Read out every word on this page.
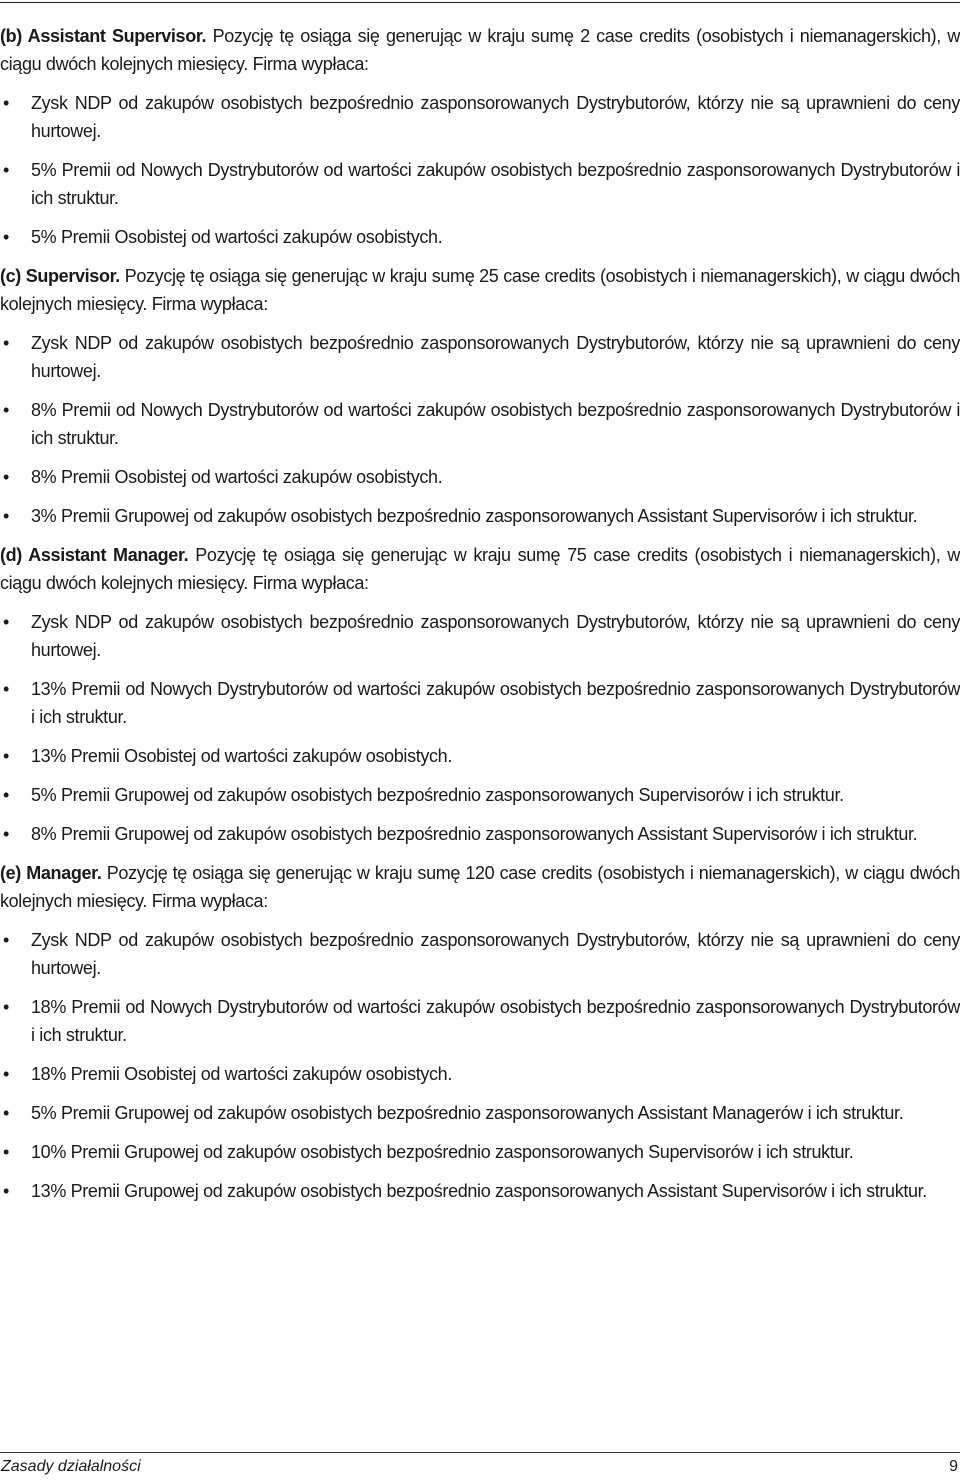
(b) Assistant Supervisor. Pozycję tę osiąga się generując w kraju sumę 2 case credits (osobistych i niemanagerskich), w ciągu dwóch kolejnych miesięcy. Firma wypłaca:
•	Zysk NDP od zakupów osobistych bezpośrednio zasponsorowanych Dystrybutorów, którzy nie są uprawnieni do ceny hurtowej.
•	5% Premii od Nowych Dystrybutorów od wartości zakupów osobistych bezpośrednio zasponsorowanych Dystrybutorów i ich struktur.
•	5% Premii Osobistej od wartości zakupów osobistych.
(c) Supervisor. Pozycję tę osiąga się generując w kraju sumę 25 case credits (osobistych i niemanagerskich), w ciągu dwóch kolejnych miesięcy. Firma wypłaca:
•	Zysk NDP od zakupów osobistych bezpośrednio zasponsorowanych Dystrybutorów, którzy nie są uprawnieni do ceny hurtowej.
•	8% Premii od Nowych Dystrybutorów od wartości zakupów osobistych bezpośrednio zasponsorowanych Dystrybutorów i ich struktur.
•	8% Premii Osobistej od wartości zakupów osobistych.
•	3% Premii Grupowej od zakupów osobistych bezpośrednio zasponsorowanych Assistant Supervisorów i ich struktur.
(d) Assistant Manager. Pozycję tę osiąga się generując w kraju sumę 75 case credits (osobistych i niemanagerskich), w ciągu dwóch kolejnych miesięcy. Firma wypłaca:
•	Zysk NDP od zakupów osobistych bezpośrednio zasponsorowanych Dystrybutorów, którzy nie są uprawnieni do ceny hurtowej.
•	13% Premii od Nowych Dystrybutorów od wartości zakupów osobistych bezpośrednio zasponsorowanych Dystrybutorów i ich struktur.
•	13% Premii Osobistej od wartości zakupów osobistych.
•	5% Premii Grupowej od zakupów osobistych bezpośrednio zasponsorowanych Supervisorów i ich struktur.
•	8% Premii Grupowej od zakupów osobistych bezpośrednio zasponsorowanych Assistant Supervisorów i ich struktur.
(e) Manager. Pozycję tę osiąga się generując w kraju sumę 120 case credits (osobistych i niemanagerskich), w ciągu dwóch kolejnych miesięcy. Firma wypłaca:
•	Zysk NDP od zakupów osobistych bezpośrednio zasponsorowanych Dystrybutorów, którzy nie są uprawnieni do ceny hurtowej.
•	18% Premii od Nowych Dystrybutorów od wartości zakupów osobistych bezpośrednio zasponsorowanych Dystrybutorów i ich struktur.
•	18% Premii Osobistej od wartości zakupów osobistych.
•	5% Premii Grupowej od zakupów osobistych bezpośrednio zasponsorowanych Assistant Managerów i ich struktur.
•	10% Premii Grupowej od zakupów osobistych bezpośrednio zasponsorowanych Supervisorów i ich struktur.
•	13% Premii Grupowej od zakupów osobistych bezpośrednio zasponsorowanych Assistant Supervisorów i ich struktur.
Zasady działalności	9
